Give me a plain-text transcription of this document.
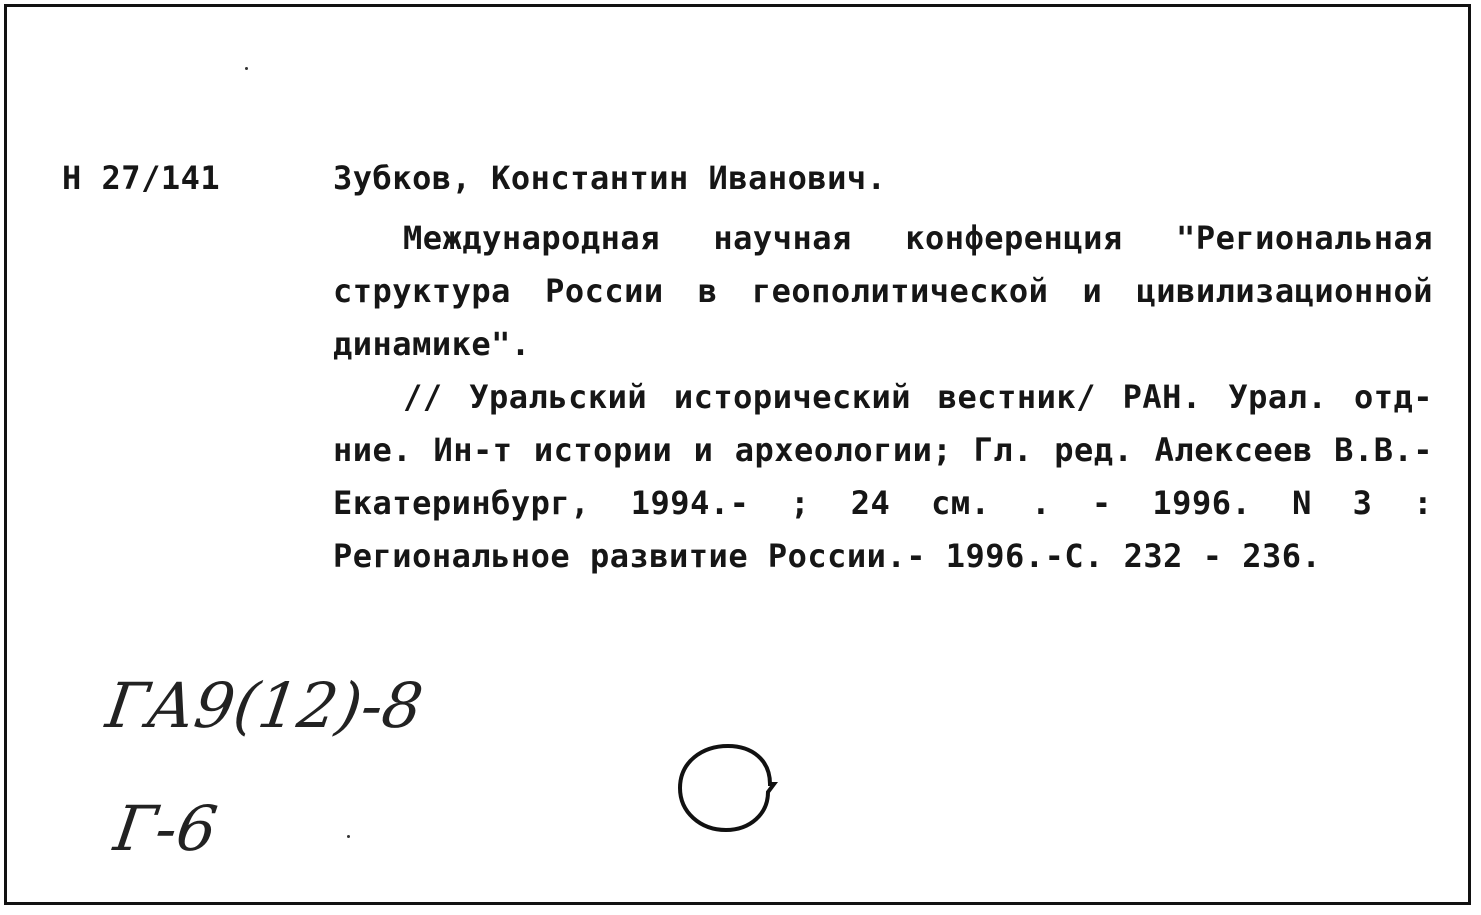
Н 27/141	Зубков, Константин Иванович.

Международная научная конференция "Региональная структура России в геополитической и цивилизационной динамике".

// Уральский исторический вестник/ РАН. Урал. отд-ние. Ин-т истории и археологии; Гл. ред. Алексеев В.В.- Екатеринбург, 1994.- ; 24 см. . - 1996. N 3 : Региональное развитие России.- 1996.-С. 232 - 236.

ГА9(12)-8
Г-6
